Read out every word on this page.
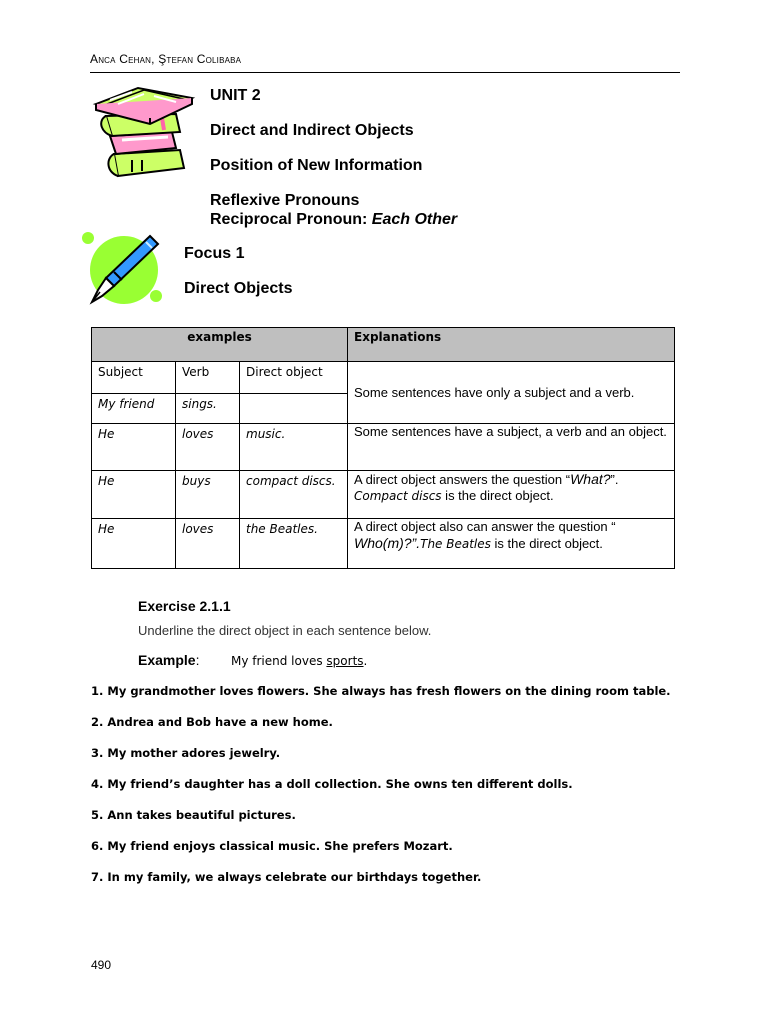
Anca Cehan, Ştefan Colibaba
UNIT 2
Direct and Indirect Objects
Position of New Information
Reflexive Pronouns
Reciprocal Pronoun: Each Other
Focus 1
Direct Objects
examples			Explanations
Subject	Verb	Direct object	Some sentences have only a subject and a verb.
My friend	sings.		
He	loves	music.	Some sentences have a subject, a verb and an object.
He	buys	compact discs.	A direct object answers the question “What?”.
Compact discs is the direct object.
He	loves	the Beatles.	A direct object also can answer the question “
Who(m)?”.The Beatles is the direct object.
Exercise 2.1.1
Underline the direct object in each sentence below.
Example:	My friend loves sports.
1. My grandmother loves flowers. She always has fresh flowers on the dining room table.
2. Andrea and Bob have a new home.
3. My mother adores jewelry.
4. My friend’s daughter has a doll collection. She owns ten different dolls.
5. Ann takes beautiful pictures.
6. My friend enjoys classical music. She prefers Mozart.
7. In my family, we always celebrate our birthdays together.
490
